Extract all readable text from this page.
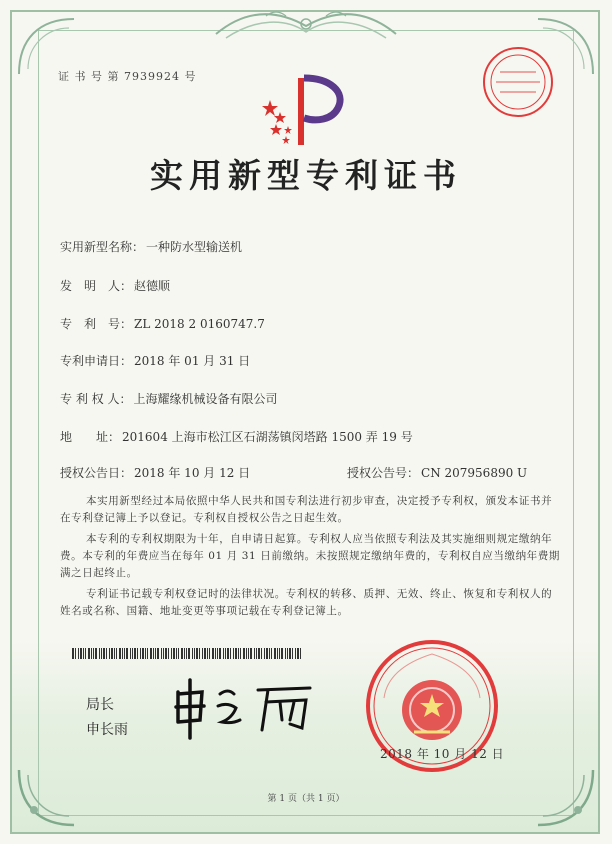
证 书 号 第 7939924 号
实用新型专利证书
实用新型名称： 一种防水型输送机
发　明　人： 赵德顺
专　利　号： ZL 2018 2 0160747.7
专利申请日： 2018 年 01 月 31 日
专 利 权 人： 上海耀缘机械设备有限公司
地　　址： 201604 上海市松江区石湖荡镇闵塔路 1500 弄 19 号
授权公告日： 2018 年 10 月 12 日	授权公告号： CN 207956890 U
本实用新型经过本局依照中华人民共和国专利法进行初步审查，决定授予专利权，颁发本证书并在专利登记簿上予以登记。专利权自授权公告之日起生效。
本专利的专利权期限为十年，自申请日起算。专利权人应当依照专利法及其实施细则规定缴纳年费。本专利的年费应当在每年 01 月 31 日前缴纳。未按照规定缴纳年费的，专利权自应当缴纳年费期满之日起终止。
专利证书记载专利权登记时的法律状况。专利权的转移、质押、无效、终止、恢复和专利权人的姓名或名称、国籍、地址变更等事项记载在专利登记簿上。
局长
申长雨
2018 年 10 月 12 日
第 1 页（共 1 页）
